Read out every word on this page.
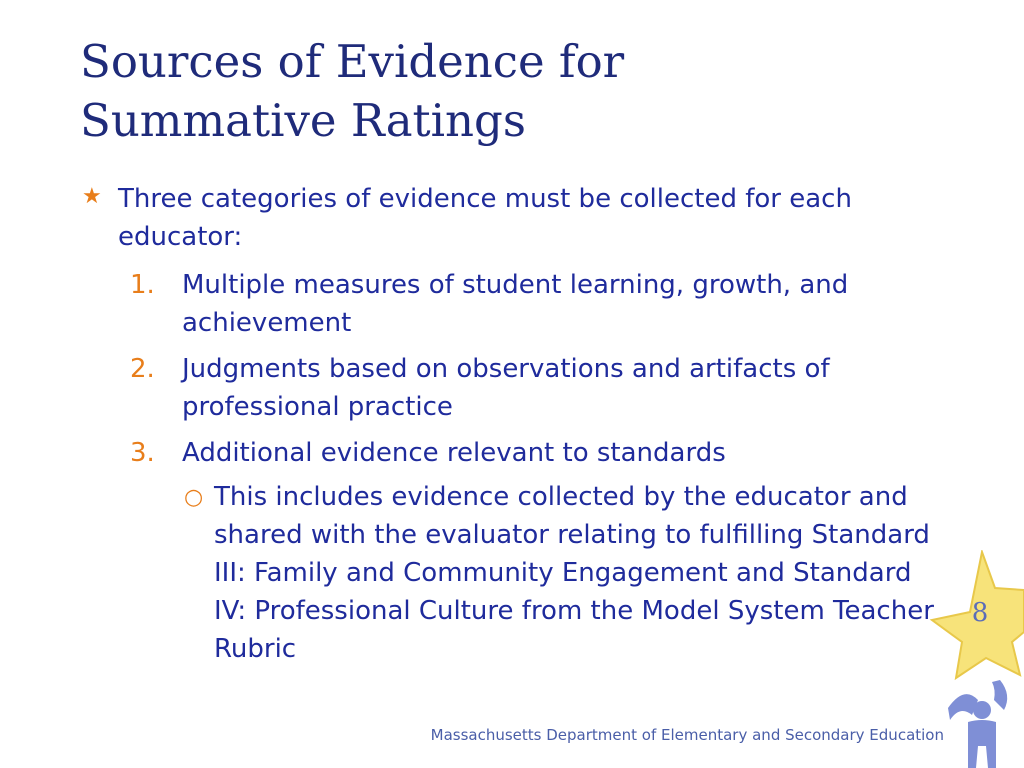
Sources of Evidence for
Summative Ratings
★ Three categories of evidence must be collected for each educator:
1. Multiple measures of student learning, growth, and achievement
2. Judgments based on observations and artifacts of professional practice
3. Additional evidence relevant to standards
○ This includes evidence collected by the educator and shared with the evaluator relating to fulfilling Standard III: Family and Community Engagement and Standard IV: Professional Culture from the Model System Teacher Rubric
Massachusetts Department of Elementary and Secondary Education
8
